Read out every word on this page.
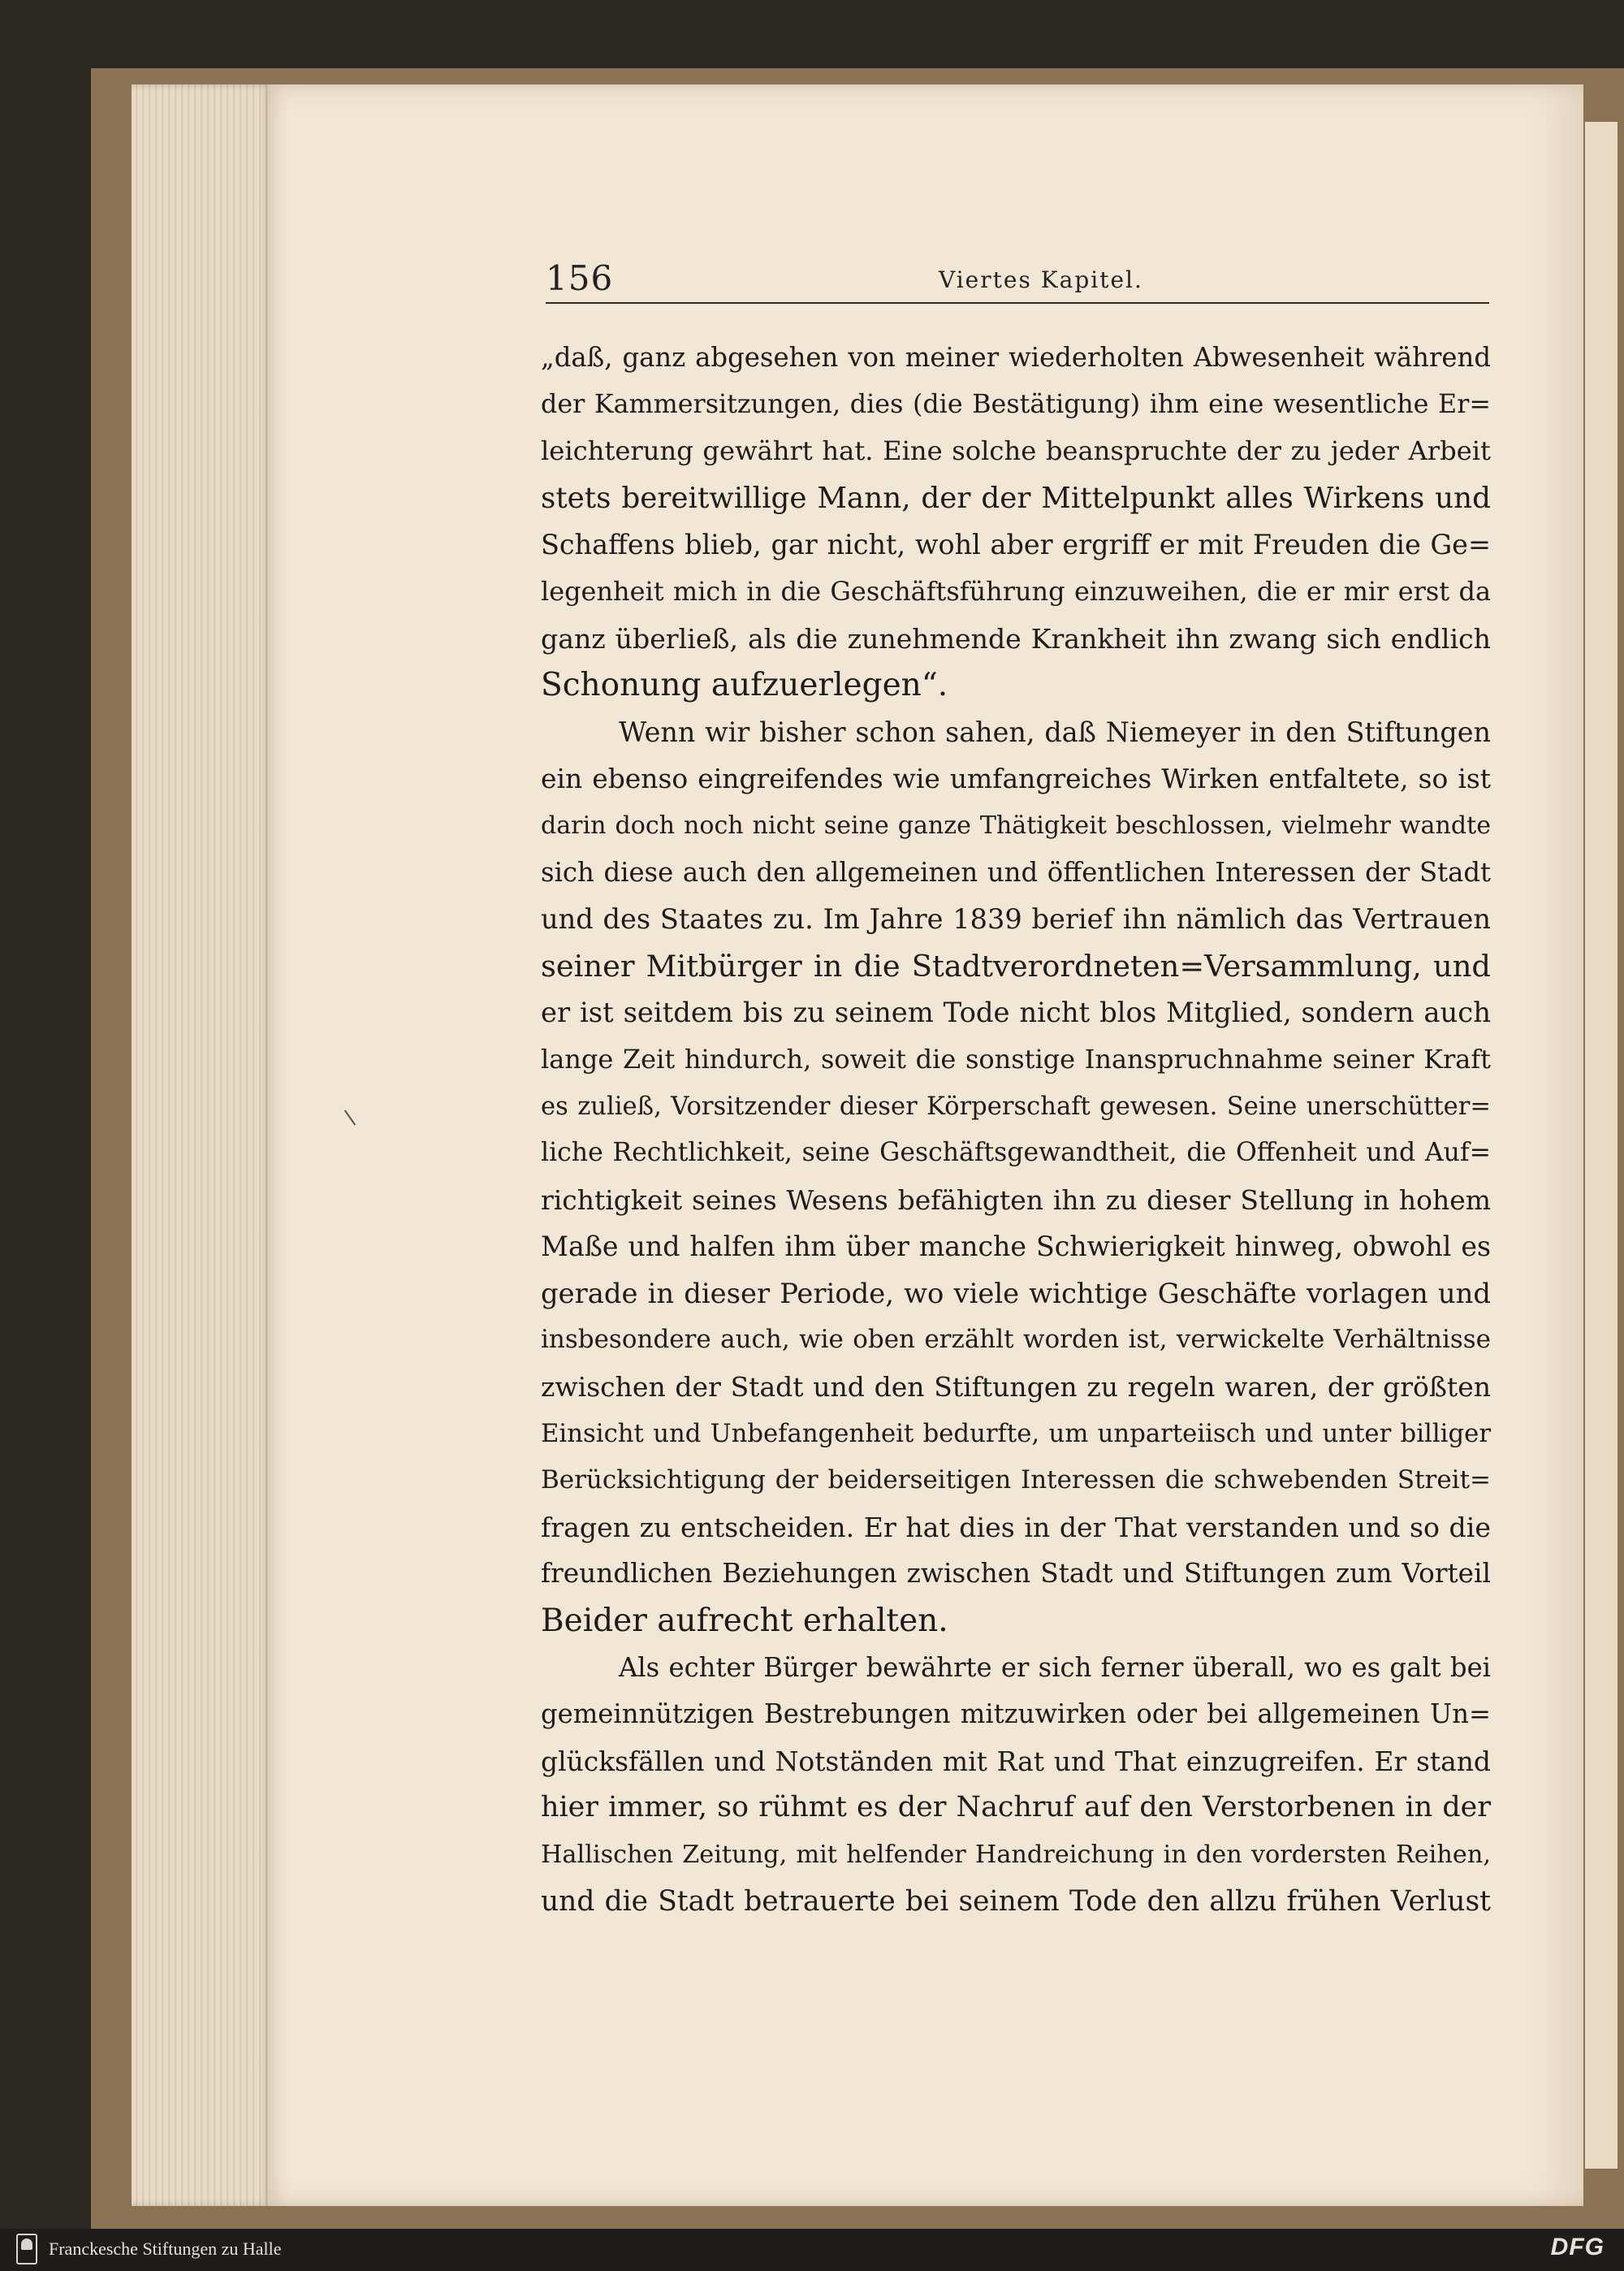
156	Viertes Kapitel.
„daß, ganz abgesehen von meiner wiederholten Abwesenheit während
der Kammersitzungen, dies (die Bestätigung) ihm eine wesentliche Er=
leichterung gewährt hat. Eine solche beanspruchte der zu jeder Arbeit
stets bereitwillige Mann, der der Mittelpunkt alles Wirkens und
Schaffens blieb, gar nicht, wohl aber ergriff er mit Freuden die Ge=
legenheit mich in die Geschäftsführung einzuweihen, die er mir erst da
ganz überließ, als die zunehmende Krankheit ihn zwang sich endlich
Schonung aufzuerlegen“.
Wenn wir bisher schon sahen, daß Niemeyer in den Stiftungen
ein ebenso eingreifendes wie umfangreiches Wirken entfaltete, so ist
darin doch noch nicht seine ganze Thätigkeit beschlossen, vielmehr wandte
sich diese auch den allgemeinen und öffentlichen Interessen der Stadt
und des Staates zu. Im Jahre 1839 berief ihn nämlich das Vertrauen
seiner Mitbürger in die Stadtverordneten=Versammlung, und
er ist seitdem bis zu seinem Tode nicht blos Mitglied, sondern auch
lange Zeit hindurch, soweit die sonstige Inanspruchnahme seiner Kraft
es zuließ, Vorsitzender dieser Körperschaft gewesen. Seine unerschütter=
liche Rechtlichkeit, seine Geschäftsgewandtheit, die Offenheit und Auf=
richtigkeit seines Wesens befähigten ihn zu dieser Stellung in hohem
Maße und halfen ihm über manche Schwierigkeit hinweg, obwohl es
gerade in dieser Periode, wo viele wichtige Geschäfte vorlagen und
insbesondere auch, wie oben erzählt worden ist, verwickelte Verhältnisse
zwischen der Stadt und den Stiftungen zu regeln waren, der größten
Einsicht und Unbefangenheit bedurfte, um unparteiisch und unter billiger
Berücksichtigung der beiderseitigen Interessen die schwebenden Streit=
fragen zu entscheiden. Er hat dies in der That verstanden und so die
freundlichen Beziehungen zwischen Stadt und Stiftungen zum Vorteil
Beider aufrecht erhalten.
Als echter Bürger bewährte er sich ferner überall, wo es galt bei
gemeinnützigen Bestrebungen mitzuwirken oder bei allgemeinen Un=
glücksfällen und Notständen mit Rat und That einzugreifen. Er stand
hier immer, so rühmt es der Nachruf auf den Verstorbenen in der
Hallischen Zeitung, mit helfender Handreichung in den vordersten Reihen,
und die Stadt betrauerte bei seinem Tode den allzu frühen Verlust
Franckesche Stiftungen zu Halle	DFG
